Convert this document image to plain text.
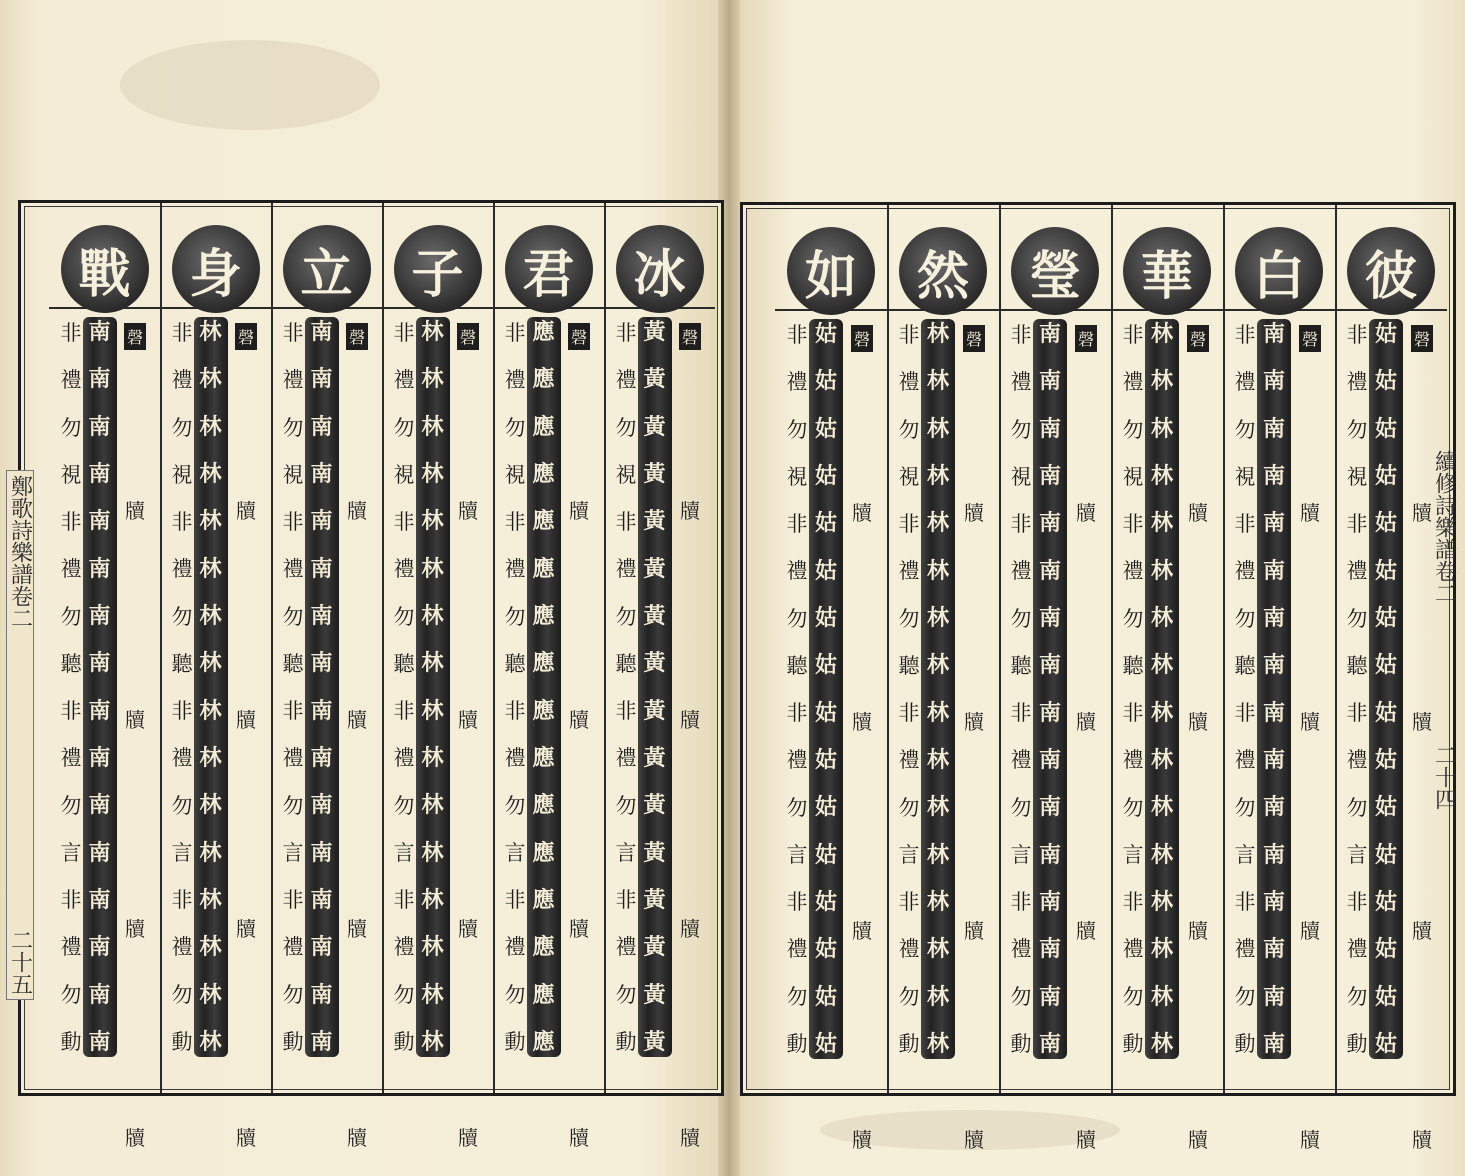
冰
非
禮
勿
視
非
禮
勿
聽
非
禮
勿
言
非
禮
勿
動
黃
黃
黃
黃
黃
黃
黃
黃
黃
黃
黃
黃
黃
黃
黃
黃
磬
牘
牘
牘
牘
君
非
禮
勿
視
非
禮
勿
聽
非
禮
勿
言
非
禮
勿
動
應
應
應
應
應
應
應
應
應
應
應
應
應
應
應
應
磬
牘
牘
牘
牘
子
非
禮
勿
視
非
禮
勿
聽
非
禮
勿
言
非
禮
勿
動
林
林
林
林
林
林
林
林
林
林
林
林
林
林
林
林
磬
牘
牘
牘
牘
立
非
禮
勿
視
非
禮
勿
聽
非
禮
勿
言
非
禮
勿
動
南
南
南
南
南
南
南
南
南
南
南
南
南
南
南
南
磬
牘
牘
牘
牘
身
非
禮
勿
視
非
禮
勿
聽
非
禮
勿
言
非
禮
勿
動
林
林
林
林
林
林
林
林
林
林
林
林
林
林
林
林
磬
牘
牘
牘
牘
戰
非
禮
勿
視
非
禮
勿
聽
非
禮
勿
言
非
禮
勿
動
南
南
南
南
南
南
南
南
南
南
南
南
南
南
南
南
磬
牘
牘
牘
牘
彼
非
禮
勿
視
非
禮
勿
聽
非
禮
勿
言
非
禮
勿
動
姑
姑
姑
姑
姑
姑
姑
姑
姑
姑
姑
姑
姑
姑
姑
姑
磬
牘
牘
牘
牘
白
非
禮
勿
視
非
禮
勿
聽
非
禮
勿
言
非
禮
勿
動
南
南
南
南
南
南
南
南
南
南
南
南
南
南
南
南
磬
牘
牘
牘
牘
華
非
禮
勿
視
非
禮
勿
聽
非
禮
勿
言
非
禮
勿
動
林
林
林
林
林
林
林
林
林
林
林
林
林
林
林
林
磬
牘
牘
牘
牘
瑩
非
禮
勿
視
非
禮
勿
聽
非
禮
勿
言
非
禮
勿
動
南
南
南
南
南
南
南
南
南
南
南
南
南
南
南
南
磬
牘
牘
牘
牘
然
非
禮
勿
視
非
禮
勿
聽
非
禮
勿
言
非
禮
勿
動
林
林
林
林
林
林
林
林
林
林
林
林
林
林
林
林
磬
牘
牘
牘
牘
如
非
禮
勿
視
非
禮
勿
聽
非
禮
勿
言
非
禮
勿
動
姑
姑
姑
姑
姑
姑
姑
姑
姑
姑
姑
姑
姑
姑
姑
姑
磬
牘
牘
牘
牘
鄭歌詩樂譜卷二
二十五
續修詩樂譜卷二
二十四
